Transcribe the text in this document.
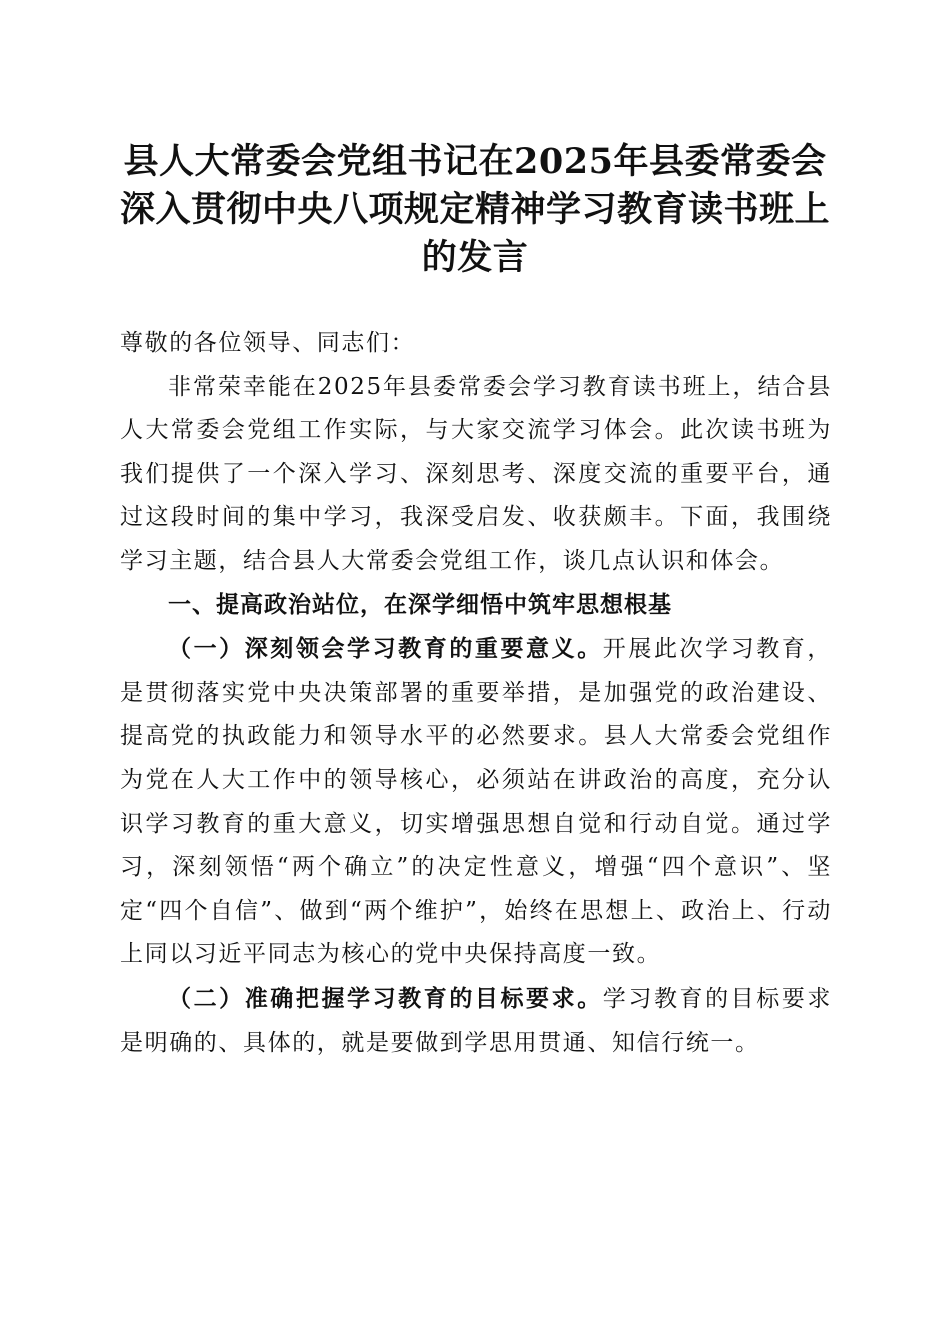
县人大常委会党组书记在2025年县委常委会
深入贯彻中央八项规定精神学习教育读书班上
的发言

尊敬的各位领导、同志们：

非常荣幸能在2025年县委常委会学习教育读书班上，结合县人大常委会党组工作实际，与大家交流学习体会。此次读书班为我们提供了一个深入学习、深刻思考、深度交流的重要平台，通过这段时间的集中学习，我深受启发、收获颇丰。下面，我围绕学习主题，结合县人大常委会党组工作，谈几点认识和体会。

一、提高政治站位，在深学细悟中筑牢思想根基

（一）深刻领会学习教育的重要意义。开展此次学习教育，是贯彻落实党中央决策部署的重要举措，是加强党的政治建设、提高党的执政能力和领导水平的必然要求。县人大常委会党组作为党在人大工作中的领导核心，必须站在讲政治的高度，充分认识学习教育的重大意义，切实增强思想自觉和行动自觉。通过学习，深刻领悟“两个确立”的决定性意义，增强“四个意识”、坚定“四个自信”、做到“两个维护”，始终在思想上、政治上、行动上同以习近平同志为核心的党中央保持高度一致。

（二）准确把握学习教育的目标要求。学习教育的目标要求是明确的、具体的，就是要做到学思用贯通、知信行统一。
